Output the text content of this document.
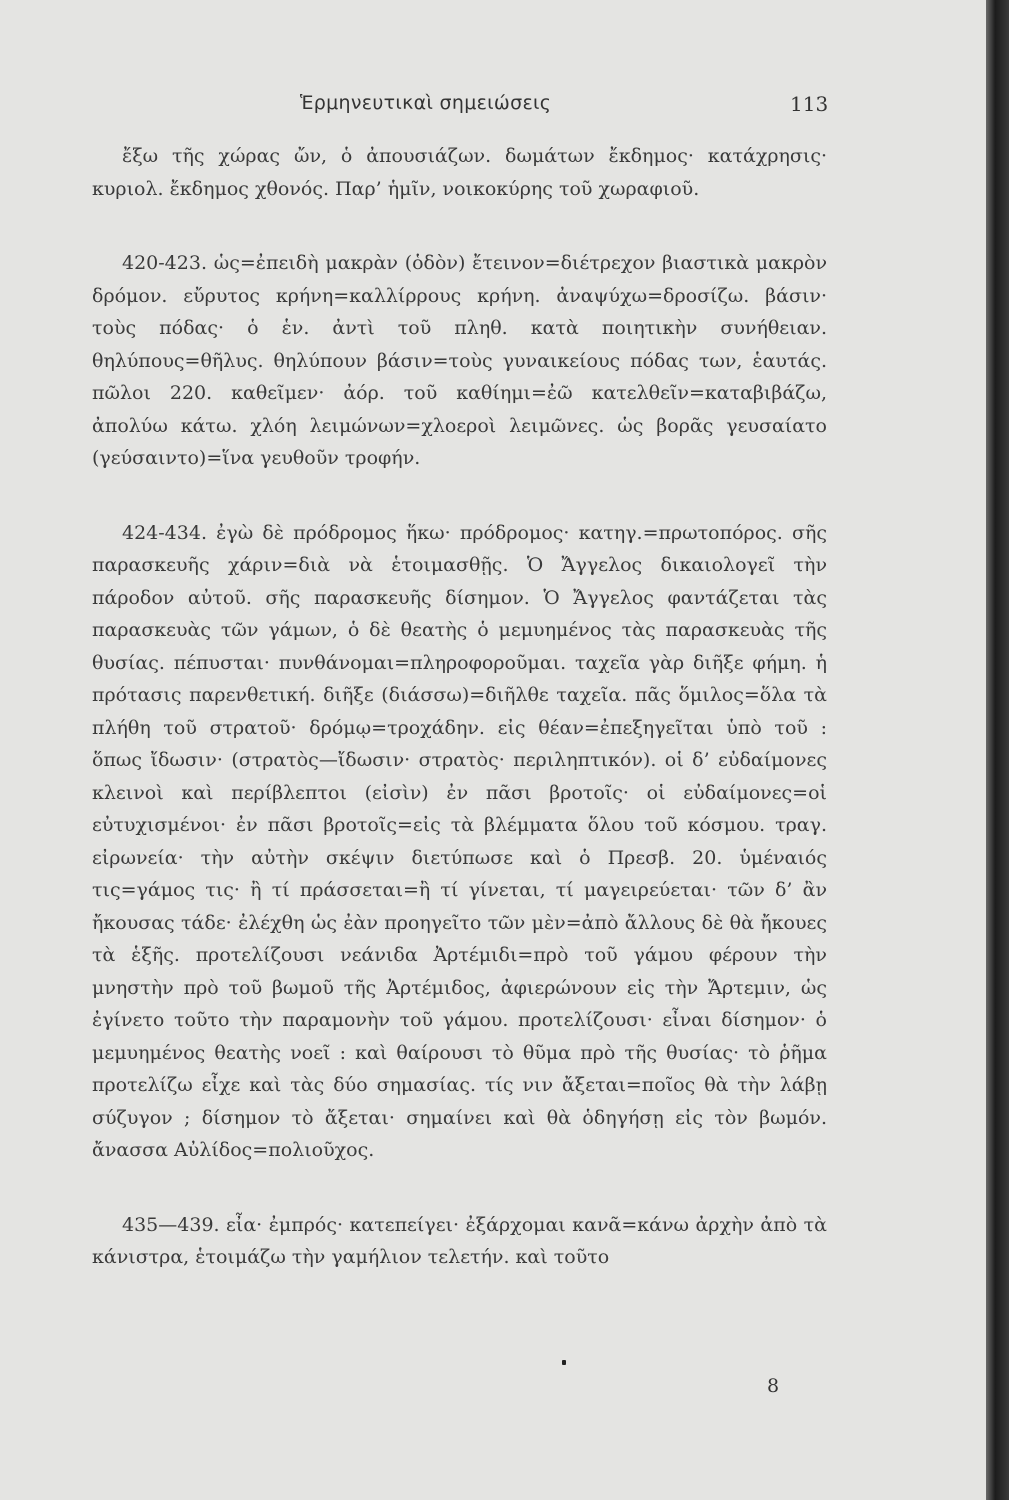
Ἑρμηνευτικαὶ σημειώσεις	113

ἔξω τῆς χώρας ὤν, ὁ ἀπουσιάζων. δωμάτων ἔκδημος· κατάχρησις· κυριολ. ἔκδημος χθονός. Παρ’ ἡμῖν, νοικοκύρης τοῦ χωραφιοῦ.

420-423. ὡς=ἐπειδὴ μακρὰν (ὁδὸν) ἔτεινον=διέτρεχον βιαστικὰ μακρὸν δρόμον. εὔρυτος κρήνη=καλλίρρους κρήνη. ἀναψύχω=δροσίζω. βάσιν· τοὺς πόδας· ὁ ἑν. ἀντὶ τοῦ πληθ. κατὰ ποιητικὴν συνήθειαν. θηλύπους=θῆλυς. θηλύπουν βάσιν=τοὺς γυναικείους πόδας των, ἑαυτάς. πῶλοι 220. καθεῖμεν· ἀόρ. τοῦ καθίημι=ἐῶ κατελθεῖν=καταβιβάζω, ἀπολύω κάτω. χλόη λειμώνων=χλοεροὶ λειμῶνες. ὡς βορᾶς γευσαίατο (γεύσαιντο)=ἵνα γευθοῦν τροφήν.

424-434. ἐγὼ δὲ πρόδρομος ἥκω· πρόδρομος· κατηγ.=πρωτοπόρος. σῆς παρασκευῆς χάριν=διὰ νὰ ἑτοιμασθῇς. Ὁ Ἄγγελος δικαιολογεῖ τὴν πάροδον αὐτοῦ. σῆς παρασκευῆς δίσημον. Ὁ Ἄγγελος φαντάζεται τὰς παρασκευὰς τῶν γάμων, ὁ δὲ θεατὴς ὁ μεμυημένος τὰς παρασκευὰς τῆς θυσίας. πέπυσται· πυνθάνομαι=πληροφοροῦμαι. ταχεῖα γὰρ διῆξε φήμη. ἡ πρότασις παρενθετική. διῆξε (διάσσω)=διῆλθε ταχεῖα. πᾶς ὅμιλος=ὅλα τὰ πλήθη τοῦ στρατοῦ· δρόμῳ=τροχάδην. εἰς θέαν=ἐπεξηγεῖται ὑπὸ τοῦ : ὅπως ἴδωσιν· (στρατὸς—ἴδωσιν· στρατὸς· περιληπτικόν). οἱ δ’ εὐδαίμονες κλεινοὶ καὶ περίβλεπτοι (εἰσὶν) ἐν πᾶσι βροτοῖς· οἱ εὐδαίμονες=οἱ εὐτυχισμένοι· ἐν πᾶσι βροτοῖς=εἰς τὰ βλέμματα ὅλου τοῦ κόσμου. τραγ. εἰρωνεία· τὴν αὐτὴν σκέψιν διετύπωσε καὶ ὁ Πρεσβ. 20. ὑμέναιός τις=γάμος τις· ἢ τί πράσσεται=ἢ τί γίνεται, τί μαγειρεύεται· τῶν δ’ ἂν ἤκουσας τάδε· ἐλέχθη ὡς ἐὰν προηγεῖτο τῶν μὲν=ἀπὸ ἄλλους δὲ θὰ ἤκουες τὰ ἑξῆς. προτελίζουσι νεάνιδα Ἀρτέμιδι=πρὸ τοῦ γάμου φέρουν τὴν μνηστὴν πρὸ τοῦ βωμοῦ τῆς Ἀρτέμιδος, ἀφιερώνουν εἰς τὴν Ἄρτεμιν, ὡς ἐγίνετο τοῦτο τὴν παραμονὴν τοῦ γάμου. προτελίζουσι· εἶναι δίσημον· ὁ μεμυημένος θεατὴς νοεῖ : καὶ θαίρουσι τὸ θῦμα πρὸ τῆς θυσίας· τὸ ῥῆμα προτελίζω εἶχε καὶ τὰς δύο σημασίας. τίς νιν ἄξεται=ποῖος θὰ τὴν λάβῃ σύζυγον ; δίσημον τὸ ἄξεται· σημαίνει καὶ θὰ ὁδηγήσῃ εἰς τὸν βωμόν. ἄνασσα Αὐλίδος=πολιοῦχος.

435—439. εἶα· ἐμπρός· κατεπείγει· ἐξάρχομαι κανᾶ=κάνω ἀρχὴν ἀπὸ τὰ κάνιστρα, ἑτοιμάζω τὴν γαμήλιον τελετήν. καὶ τοῦτο

8
